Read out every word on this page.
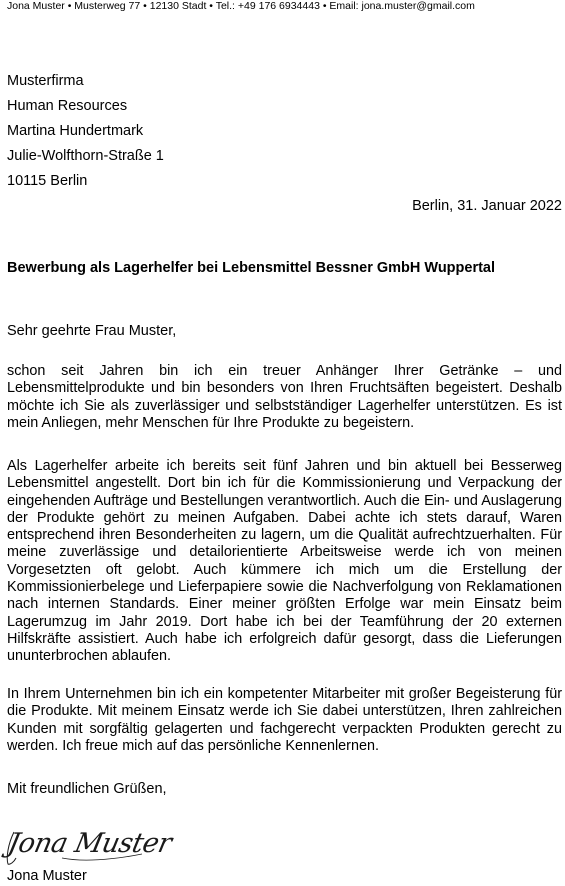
Jona Muster • Musterweg 77 • 12130 Stadt • Tel.: +49 176 6934443 • Email: jona.muster@gmail.com
Musterfirma
Human Resources
Martina Hundertmark
Julie-Wolfthorn-Straße 1
10115 Berlin
Berlin, 31. Januar 2022
Bewerbung als Lagerhelfer bei Lebensmittel Bessner GmbH Wuppertal
Sehr geehrte Frau Muster,
schon seit Jahren bin ich ein treuer Anhänger Ihrer Getränke – und Lebensmittelprodukte und bin besonders von Ihren Fruchtsäften begeistert. Deshalb möchte ich Sie als zuverlässiger und selbstständiger Lagerhelfer unterstützen. Es ist mein Anliegen, mehr Menschen für Ihre Produkte zu begeistern.
Als Lagerhelfer arbeite ich bereits seit fünf Jahren und bin aktuell bei Besserweg Lebensmittel angestellt. Dort bin ich für die Kommissionierung und Verpackung der eingehenden Aufträge und Bestellungen verantwortlich. Auch die Ein- und Auslagerung der Produkte gehört zu meinen Aufgaben. Dabei achte ich stets darauf, Waren entsprechend ihren Besonderheiten zu lagern, um die Qualität aufrechtzuerhalten. Für meine zuverlässige und detailorientierte Arbeitsweise werde ich von meinen Vorgesetzten oft gelobt. Auch kümmere ich mich um die Erstellung der Kommissionierbelege und Lieferpapiere sowie die Nachverfolgung von Reklamationen nach internen Standards. Einer meiner größten Erfolge war mein Einsatz beim Lagerumzug im Jahr 2019. Dort habe ich bei der Teamführung der 20 externen Hilfskräfte assistiert. Auch habe ich erfolgreich dafür gesorgt, dass die Lieferungen ununterbrochen ablaufen.
In Ihrem Unternehmen bin ich ein kompetenter Mitarbeiter mit großer Begeisterung für die Produkte. Mit meinem Einsatz werde ich Sie dabei unterstützen, Ihren zahlreichen Kunden mit sorgfältig gelagerten und fachgerecht verpackten Produkten gerecht zu werden. Ich freue mich auf das persönliche Kennenlernen.
Mit freundlichen Grüßen,
Jona Muster
Jona Muster
